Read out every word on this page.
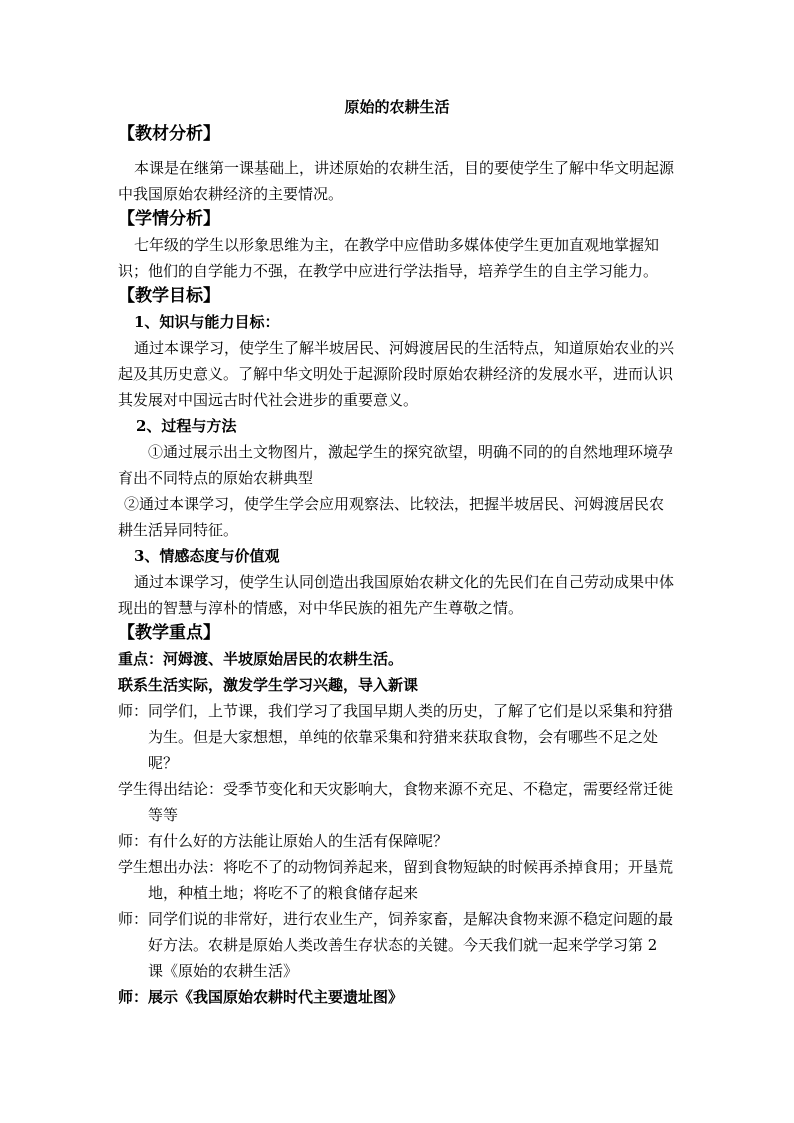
原始的农耕生活
【教材分析】

本课是在继第一课基础上，讲述原始的农耕生活，目的要使学生了解中华文明起源中我国原始农耕经济的主要情况。

【学情分析】

七年级的学生以形象思维为主，在教学中应借助多媒体使学生更加直观地掌握知识；他们的自学能力不强，在教学中应进行学法指导，培养学生的自主学习能力。

【教学目标】
1、知识与能力目标：

通过本课学习，使学生了解半坡居民、河姆渡居民的生活特点，知道原始农业的兴起及其历史意义。了解中华文明处于起源阶段时原始农耕经济的发展水平，进而认识其发展对中国远古时代社会进步的重要意义。

2、过程与方法

①通过展示出土文物图片，激起学生的探究欲望，明确不同的的自然地理环境孕育出不同特点的原始农耕典型

②通过本课学习，使学生学会应用观察法、比较法，把握半坡居民、河姆渡居民农耕生活异同特征。

3、情感态度与价值观

通过本课学习，使学生认同创造出我国原始农耕文化的先民们在自己劳动成果中体现出的智慧与淳朴的情感，对中华民族的祖先产生尊敬之情。

【教学重点】
重点：河姆渡、半坡原始居民的农耕生活。
联系生活实际，激发学生学习兴趣，导入新课

师：同学们，上节课，我们学习了我国早期人类的历史，了解了它们是以采集和狩猎为生。但是大家想想，单纯的依靠采集和狩猎来获取食物，会有哪些不足之处呢？

学生得出结论：受季节变化和天灾影响大，食物来源不充足、不稳定，需要经常迁徙等等

师：有什么好的方法能让原始人的生活有保障呢？

学生想出办法：将吃不了的动物饲养起来，留到食物短缺的时候再杀掉食用；开垦荒地，种植土地；将吃不了的粮食储存起来

师：同学们说的非常好，进行农业生产，饲养家畜，是解决食物来源不稳定问题的最好方法。农耕是原始人类改善生存状态的关键。今天我们就一起来学学习第 2 课《原始的农耕生活》

师：展示《我国原始农耕时代主要遗址图》
